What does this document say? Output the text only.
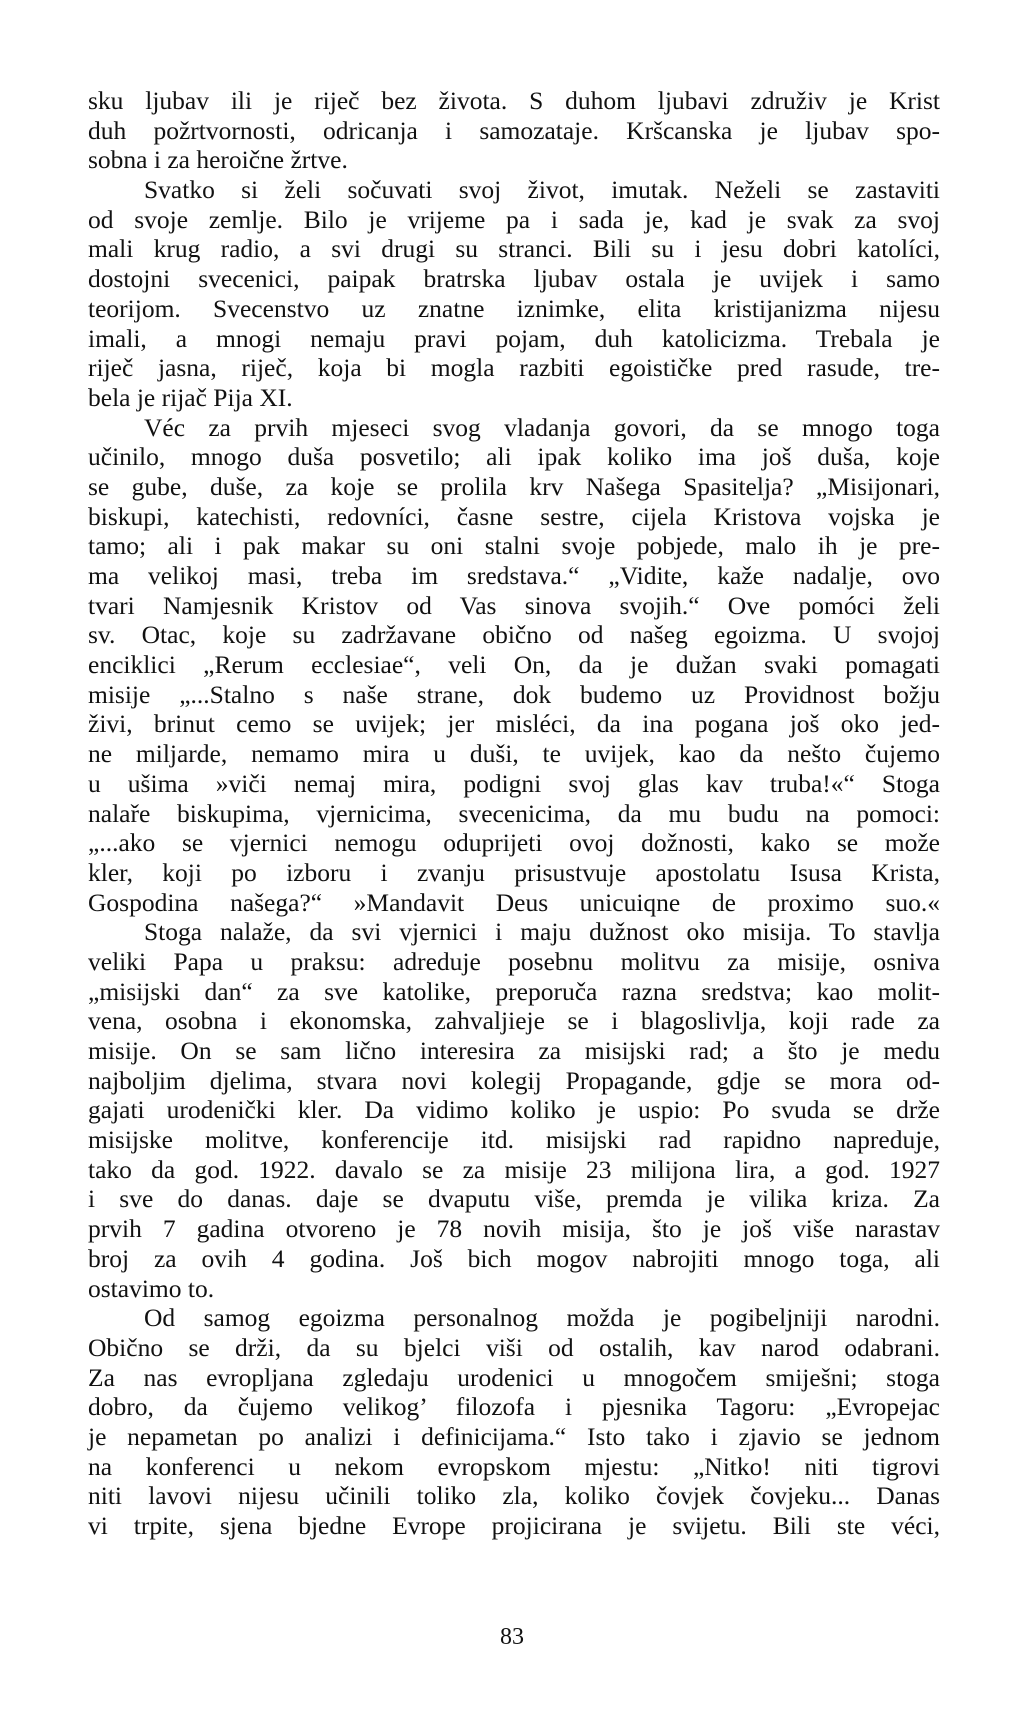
sku ljubav ili je riječ bez života. S duhom ljubavi združiv je Krist
duh požrtvornosti, odricanja i samozataje. Kršcanska je ljubav spo-
sobna i za heroične žrtve.
Svatko si želi sočuvati svoj život, imutak. Neželi se zastaviti
od svoje zemlje. Bilo je vrijeme pa i sada je, kad je svak za svoj
mali krug radio, a svi drugi su stranci. Bili su i jesu dobri katolíci,
dostojni svecenici, paipak bratrska ljubav ostala je uvijek i samo
teorijom. Svecenstvo uz znatne iznimke, elita kristijanizma nijesu
imali, a mnogi nemaju pravi pojam, duh katolicizma. Trebala je
riječ jasna, riječ, koja bi mogla razbiti egoističke pred rasude, tre-
bela je rijač Pija XI.
Véc za prvih mjeseci svog vladanja govori, da se mnogo toga
učinilo, mnogo duša posvetilo; ali ipak koliko ima još duša, koje
se gube, duše, za koje se prolila krv Našega Spasitelja? „Misijonari,
biskupi, katechisti, redovníci, časne sestre, cijela Kristova vojska je
tamo; ali i pak makar su oni stalni svoje pobjede, malo ih je pre-
ma velikoj masi, treba im sredstava.“ „Vidite, kaže nadalje, ovo
tvari Namjesnik Kristov od Vas sinova svojih.“ Ove pomóci želi
sv. Otac, koje su zadržavane obično od našeg egoizma. U svojoj
enciklici „Rerum ecclesiae“, veli On, da je dužan svaki pomagati
misije „...Stalno s naše strane, dok budemo uz Providnost božju
živi, brinut cemo se uvijek; jer misléci, da ina pogana još oko jed-
ne miljarde, nemamo mira u duši, te uvijek, kao da nešto čujemo
u ušima »viči nemaj mira, podigni svoj glas kav truba!«“ Stoga
nalaře biskupima, vjernicima, svecenicima, da mu budu na pomoci:
„...ako se vjernici nemogu oduprijeti ovoj dožnosti, kako se može
kler, koji po izboru i zvanju prisustvuje apostolatu Isusa Krista,
Gospodina našega?“ »Mandavit Deus unicuiqne de proximo suo.«
Stoga nalaže, da svi vjernici i maju dužnost oko misija. To stavlja
veliki Papa u praksu: adreduje posebnu molitvu za misije, osniva
„misijski dan“ za sve katolike, preporuča razna sredstva; kao molit-
vena, osobna i ekonomska, zahvaljieje se i blagoslivlja, koji rade za
misije. On se sam lično interesira za misijski rad; a što je medu
najboljim djelima, stvara novi kolegij Propagande, gdje se mora od-
gajati urodenički kler. Da vidimo koliko je uspio: Po svuda se drže
misijske molitve, konferencije itd. misijski rad rapidno napreduje,
tako da god. 1922. davalo se za misije 23 milijona lira, a god. 1927
i sve do danas. daje se dvaputu više, premda je vilika kriza. Za
prvih 7 gadina otvoreno je 78 novih misija, što je još više narastav
broj za ovih 4 godina. Još bich mogov nabrojiti mnogo toga, ali
ostavimo to.
Od samog egoizma personalnog možda je pogibeljniji narodni.
Obično se drži, da su bjelci viši od ostalih, kav narod odabrani.
Za nas evropljana zgledaju urodenici u mnogočem smiješni; stoga
dobro, da čujemo velikog’ filozofa i pjesnika Tagoru: „Evropejac
je nepametan po analizi i definicijama.“ Isto tako i zjavio se jednom
na konferenci u nekom evropskom mjestu: „Nitko! niti tigrovi
niti lavovi nijesu učinili toliko zla, koliko čovjek čovjeku... Danas
vi trpite, sjena bjedne Evrope projicirana je svijetu. Bili ste véci,
83
